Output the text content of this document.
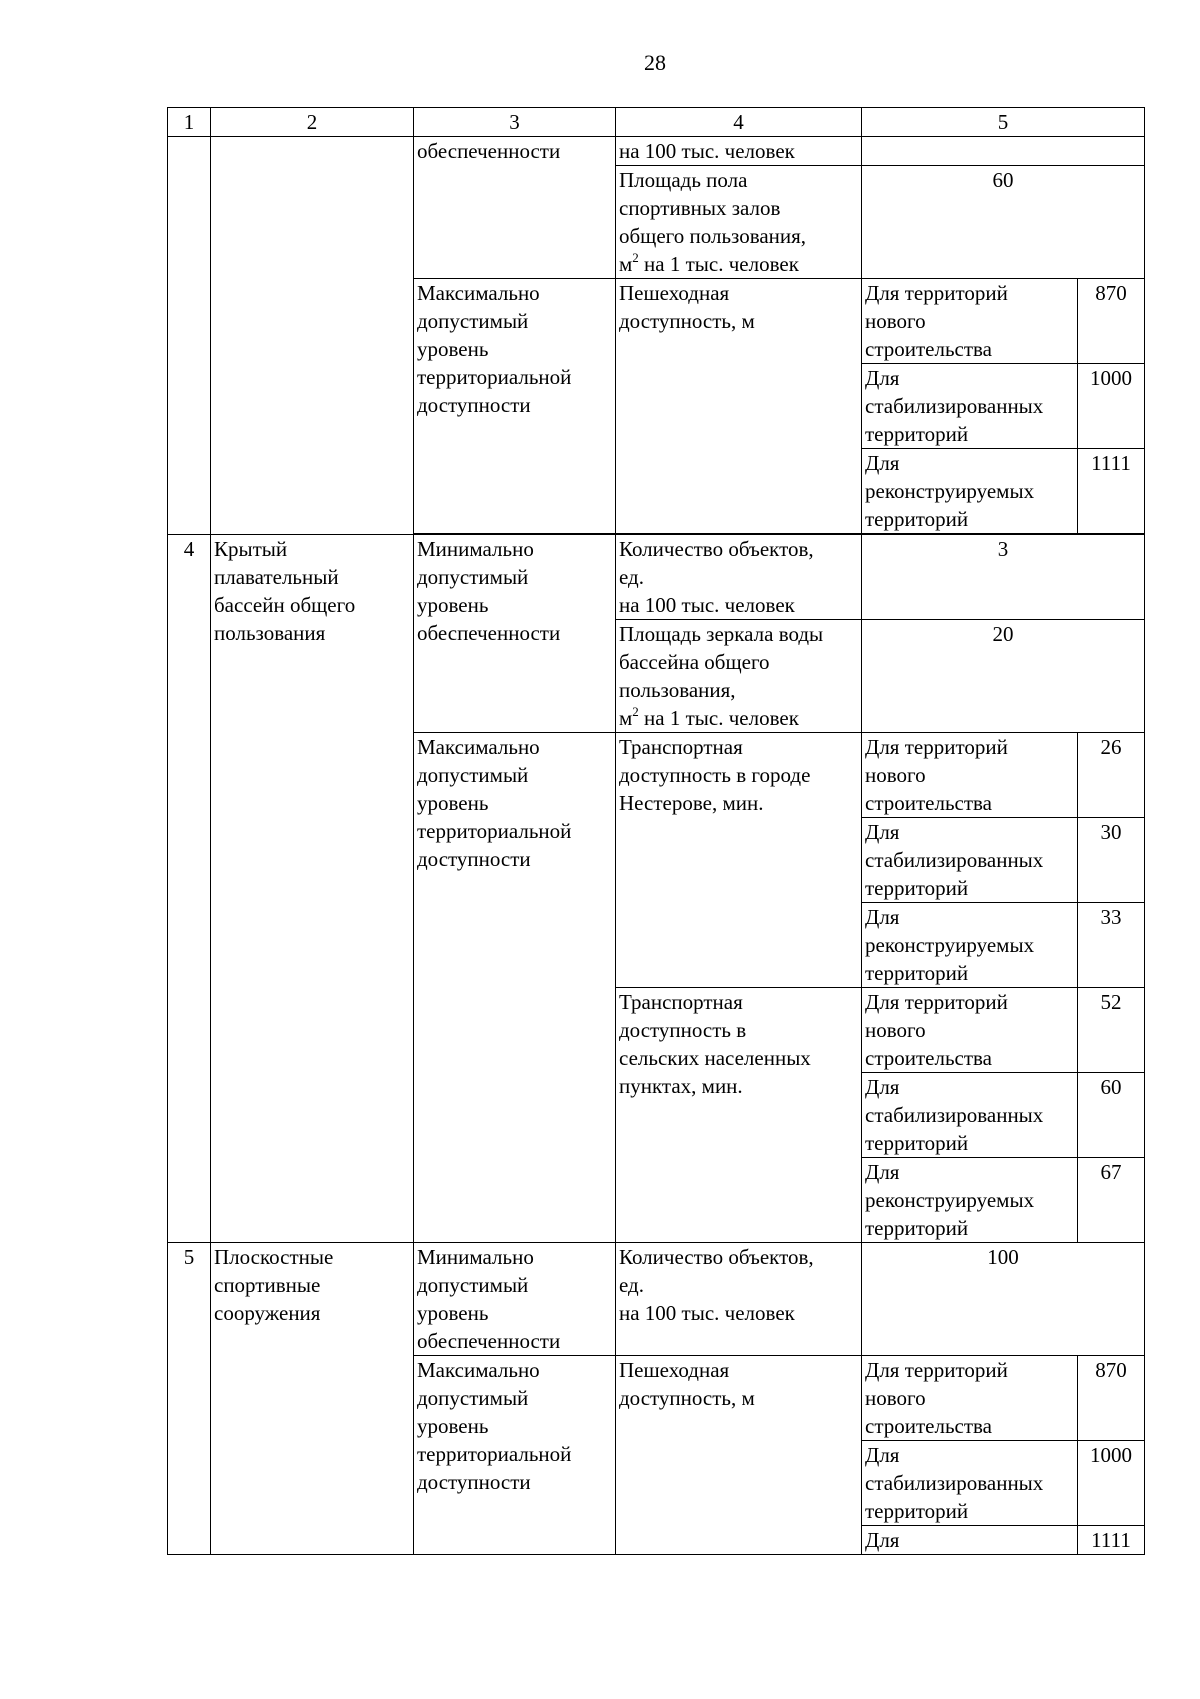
28
1	2	3	4	5	
		обеспеченности	на 100 тыс. человек		

			Площадь пола
спортивных залов
общего пользования,
$м^2$ на 1 тыс. человек	60	

		Максимально
допустимый
уровень
территориальной
доступности	Пешеходная
доступность, м	Для территорий
нового
строительства	870

				Для
стабилизированных
территорий	1000

				Для
реконструируемых
территорий	1111

4	Крытый
плавательный
бассейн общего
пользования	Минимально
допустимый
уровень
обеспеченности	Количество объектов,
ед.
на 100 тыс. человек	3	

			Площадь зеркала воды
бассейна общего
пользования,
$м^2$ на 1 тыс. человек	20	

		Максимально
допустимый
уровень
территориальной
доступности	Транспортная
доступность в городе
Нестерове, мин.	Для территорий
нового
строительства	26

				Для
стабилизированных
территорий	30

				Для
реконструируемых
территорий	33

			Транспортная
доступность в
сельских населенных
пунктах, мин.	Для территорий
нового
строительства	52

				Для
стабилизированных
территорий	60

				Для
реконструируемых
территорий	67
5	Плоскостные
спортивные
сооружения	Минимально
допустимый
уровень
обеспеченности	Количество объектов,
ед.
на 100 тыс. человек	100	

		Максимально
допустимый
уровень
территориальной
доступности	Пешеходная
доступность, м	Для территорий
нового
строительства	870

				Для
стабилизированных
территорий	1000
				Для	1111
